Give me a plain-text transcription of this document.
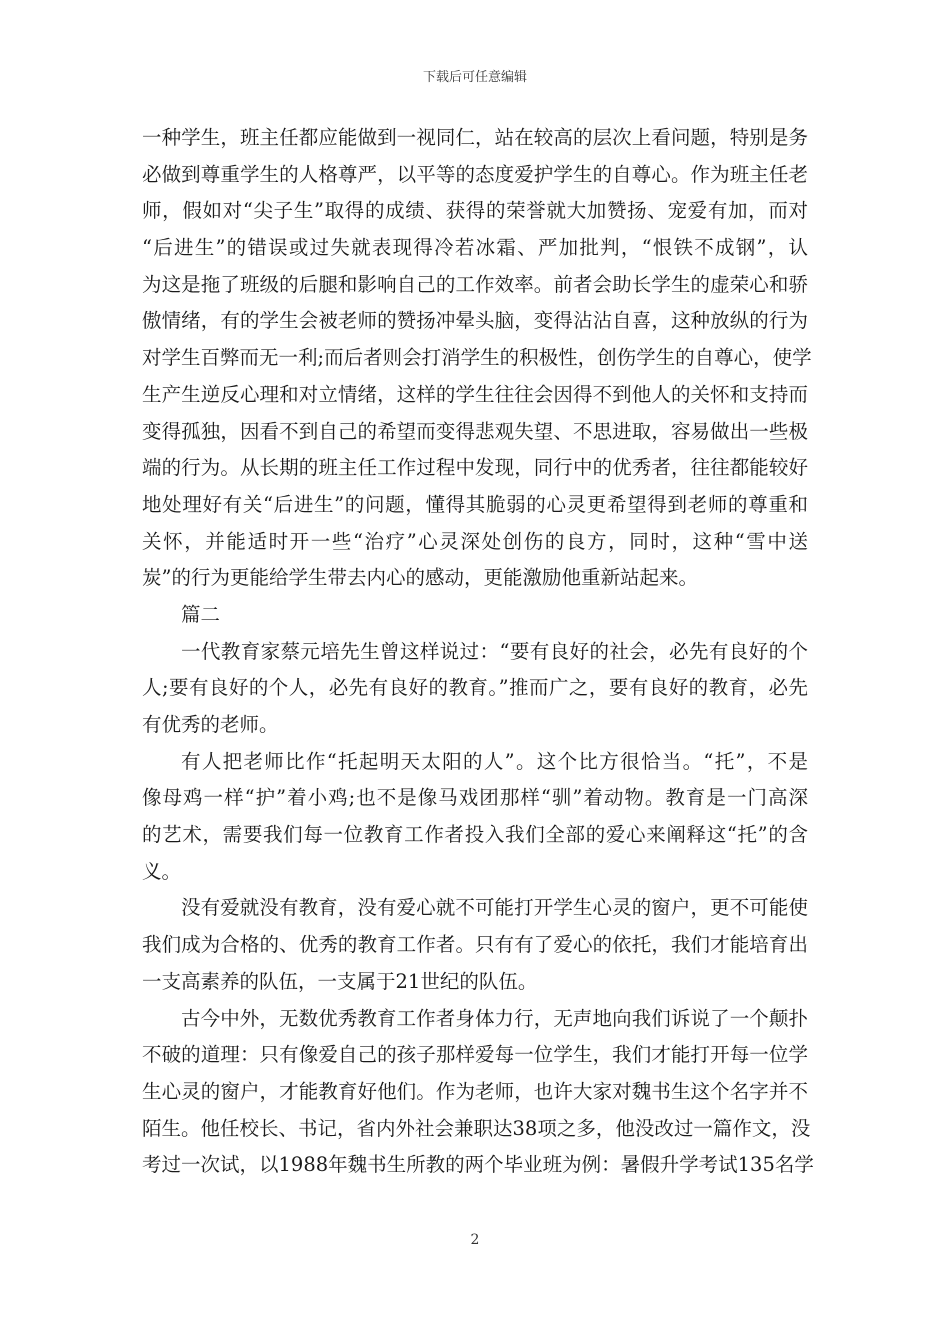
下载后可任意编辑
一种学生，班主任都应能做到一视同仁，站在较高的层次上看问题，特别是务
必做到尊重学生的人格尊严，以平等的态度爱护学生的自尊心。作为班主任老
师，假如对“尖子生”取得的成绩、获得的荣誉就大加赞扬、宠爱有加，而对
“后进生”的错误或过失就表现得冷若冰霜、严加批判，“恨铁不成钢”，认
为这是拖了班级的后腿和影响自己的工作效率。前者会助长学生的虚荣心和骄
傲情绪，有的学生会被老师的赞扬冲晕头脑，变得沾沾自喜，这种放纵的行为
对学生百弊而无一利;而后者则会打消学生的积极性，创伤学生的自尊心，使学
生产生逆反心理和对立情绪，这样的学生往往会因得不到他人的关怀和支持而
变得孤独，因看不到自己的希望而变得悲观失望、不思进取，容易做出一些极
端的行为。从长期的班主任工作过程中发现，同行中的优秀者，往往都能较好
地处理好有关“后进生”的问题，懂得其脆弱的心灵更希望得到老师的尊重和
关怀，并能适时开一些“治疗”心灵深处创伤的良方，同时，这种“雪中送
炭”的行为更能给学生带去内心的感动，更能激励他重新站起来。
篇二
一代教育家蔡元培先生曾这样说过：“要有良好的社会，必先有良好的个
人;要有良好的个人，必先有良好的教育。”推而广之，要有良好的教育，必先
有优秀的老师。
有人把老师比作“托起明天太阳的人”。这个比方很恰当。“托”，不是
像母鸡一样“护”着小鸡;也不是像马戏团那样“驯”着动物。教育是一门高深
的艺术，需要我们每一位教育工作者投入我们全部的爱心来阐释这“托”的含
义。
没有爱就没有教育，没有爱心就不可能打开学生心灵的窗户，更不可能使
我们成为合格的、优秀的教育工作者。只有有了爱心的依托，我们才能培育出
一支高素养的队伍，一支属于21世纪的队伍。
古今中外，无数优秀教育工作者身体力行，无声地向我们诉说了一个颠扑
不破的道理：只有像爱自己的孩子那样爱每一位学生，我们才能打开每一位学
生心灵的窗户，才能教育好他们。作为老师，也许大家对魏书生这个名字并不
陌生。他任校长、书记，省内外社会兼职达38项之多，他没改过一篇作文，没
考过一次试，以1988年魏书生所教的两个毕业班为例：暑假升学考试135名学
2
